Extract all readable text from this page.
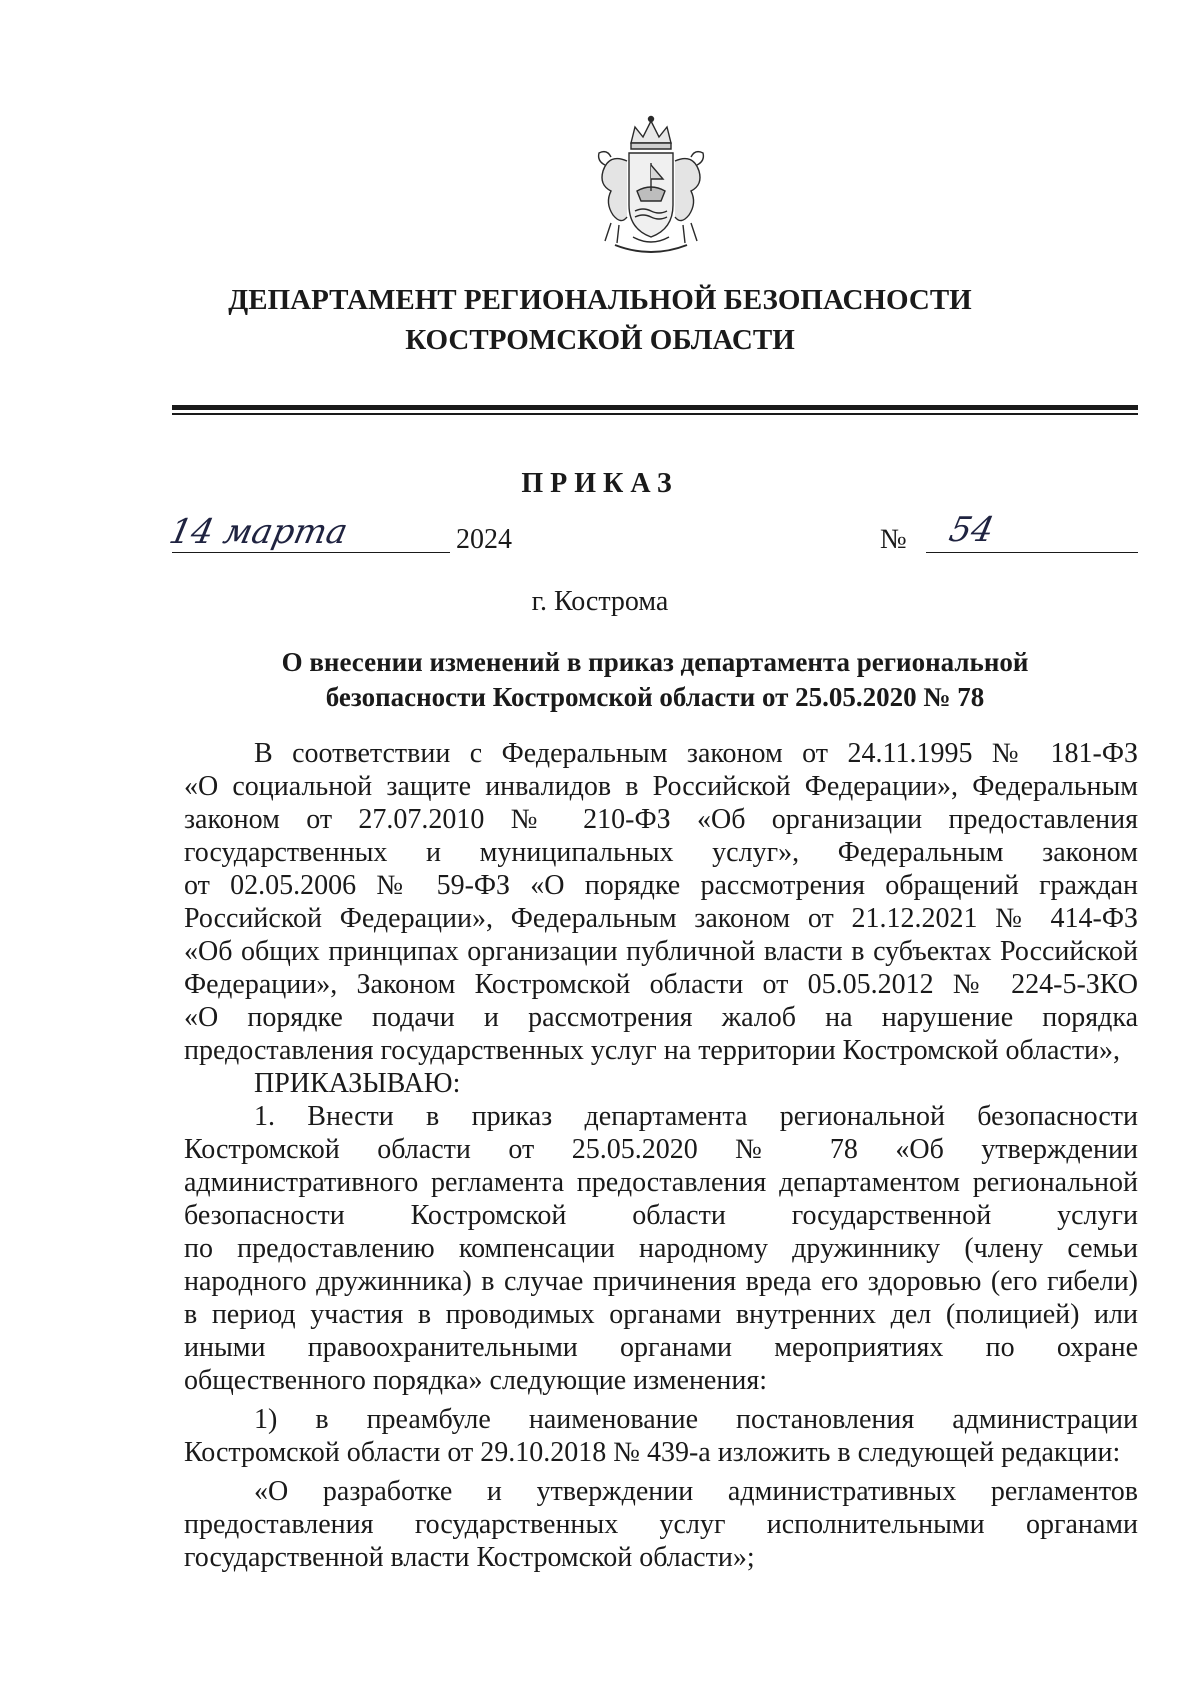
ДЕПАРТАМЕНТ РЕГИОНАЛЬНОЙ БЕЗОПАСНОСТИ
КОСТРОМСКОЙ ОБЛАСТИ
ПРИКАЗ
14 марта	2024	№ 54
г. Кострома
О внесении изменений в приказ департамента региональной
безопасности Костромской области от 25.05.2020 № 78
В соответствии с Федеральным законом от 24.11.1995 № 181-ФЗ
«О социальной защите инвалидов в Российской Федерации», Федеральным
законом от 27.07.2010 № 210-ФЗ «Об организации предоставления
государственных и муниципальных услуг», Федеральным законом
от 02.05.2006 № 59-ФЗ «О порядке рассмотрения обращений граждан
Российской Федерации», Федеральным законом от 21.12.2021 № 414-ФЗ
«Об общих принципах организации публичной власти в субъектах Российской
Федерации», Законом Костромской области от 05.05.2012 № 224-5-ЗКО
«О порядке подачи и рассмотрения жалоб на нарушение порядка
предоставления государственных услуг на территории Костромской области»,
ПРИКАЗЫВАЮ:
1. Внести в приказ департамента региональной безопасности
Костромской области от 25.05.2020 № 78 «Об утверждении
административного регламента предоставления департаментом региональной
безопасности Костромской области государственной услуги
по предоставлению компенсации народному дружиннику (члену семьи
народного дружинника) в случае причинения вреда его здоровью (его гибели)
в период участия в проводимых органами внутренних дел (полицией) или
иными правоохранительными органами мероприятиях по охране
общественного порядка» следующие изменения:
1) в преамбуле наименование постановления администрации
Костромской области от 29.10.2018 № 439-а изложить в следующей редакции:
«О разработке и утверждении административных регламентов
предоставления государственных услуг исполнительными органами
государственной власти Костромской области»;
